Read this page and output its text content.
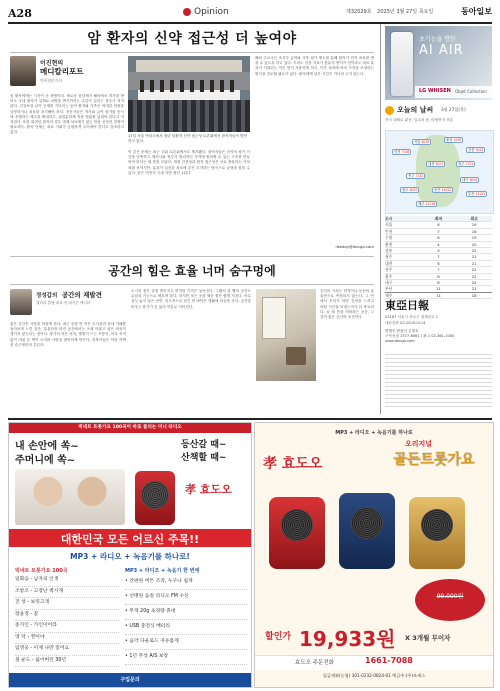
A28	Opinion	제32029호 2025년 3월 27일 목요일	동아일보
암 환자의 신약 접근성 더 높여야
이진현의
메디칼리포트
의학전문기자
암 환자에게는 시간이 곧 생명이다. 새로운 항암제가 해외에서 허가를 받아도 국내 환자가 실제로 처방을 받기까지는 수년이 걸리는 경우가 적지 않다. 건강보험 급여 등재를 기다리는 동안 환자와 가족은 막대한 비용을 감당하거나 치료를 포기해야 한다. 전문가들은 허가와 급여 평가를 동시에 진행하는 제도를 확대하고, 위험분담제 적용 범위를 넓혀야 한다고 지적한다. 또한 희귀암 환자의 경우 대체 치료제가 없는 만큼 신속한 결정이 필요하다. 환자 단체는 치료 기회가 공평하게 주어져야 한다고 강조하고 있다.
17일 서울 여의도에서 열린 암환자 신약 접근성 토론회에서 참석자들이 발언하고 있다.
이 같은 문제는 최근 국회 토론회에서도 제기됐다. 참석자들은 신약의 평가 기간을 단축하고 제약사와 정부가 합리적인 가격에 합의할 수 있는 구조를 만들어야 한다는 데 뜻을 모았다. 재정 건전성과 환자 접근성은 서로 충돌하는 가치처럼 보이지만, 효과가 입증된 치료에 우선 투자하는 방식으로 균형을 찾을 수 있다. 암은 여전히 국내 사망 원인 1위다.
해외 주요국은 조건부 급여와 사후 평가 제도를 통해 환자가 먼저 치료를 받을 수 있도록 하고 있다. 우리도 임상 자료가 충분히 쌓이기 전이라도 치료 효과가 기대되는 약은 먼저 사용하게 하고, 이후 성과에 따라 가격을 조정하는 방식을 검토할 필요가 있다. 환자에게 남은 시간은 기다려 주지 않는다.
likeday@donga.com
공간의 힘은 효율 너머 숨구멍에
정성갑의 공간의 재발견
갤러리 클립 대표·전 매거진 에디터
좋은 공간은 사람을 머물게 한다. 최근 문을 연 작은 도서관과 동네 카페를 돌아보며 느낀 것은, 효율만을 따진 공간에서는 오래 머물고 싶은 마음이 생기지 않는다는 점이다. 창가의 작은 의자, 햇빛이 드는 모퉁이, 아무 목적 없이 비워 둔 벽이 오히려 사람을 편안하게 만든다. 건축가들은 이런 여백을 숨구멍이라 부른다.
도시의 집은 점점 좁아지고 면적당 가격은 높아진다. 그래서 한 뼘의 공간도 수납과 기능으로 채우려 한다. 하지만 모든 곳을 채운 집은 쉽게 지친다. 아무것도 놓지 않은 선반, 의도적으로 남긴 빈 바닥은 생활에 리듬을 준다. 공간을 비우는 용기가 곧 삶의 여유로 이어진다.
공간의 가치는 면적이나 동선의 효율만으로 측정되지 않는다. 그 안에서 우리가 어떤 감정을 느끼고 어떤 시간을 보내는지가 더 중요하다. 숨 쉴 틈을 허락하는 공간, 그것이 좋은 공간의 조건이다.
초기능을 향한
AI AIR
LG WHISEN Objet Collection
오늘의 날씨 3월 27일(목)
전국 대체로 맑음, 일교차 큼, 미세먼지 보통
서울 8/19
인천 7/16
춘천 4/20
강릉 9/22
대전 6/21	청주 7/21
전주 7/22
광주 8/22
대구 8/24
부산 11/21
울산 10/22
제주 11/18
도시	최저	최고
서울	8	19
인천	7	16
수원	6	19
춘천	4	20
강릉	9	22
청주	7	21
대전	6	21
전주	7	22
광주	8	22
대구	8	24
부산	11	21
제주	11	18
東亞日報
03187 서울시 종로구 청계천로 1
대표전화 02-2020-0114
발행인·편집인 김재호
구독신청 1577-6061 / 광고 02-361-1000
www.donga.com
빅네트 트롯가요 100곡이 바로 들리는 미니 라디오
내 손안에 쏙~
주머니에 쏙~
등산갈 때~
산책할 때~
孝 효도오
대한민국 모든 어르신 주목!!
MP3 + 라디오 + 녹음기를 하나로!
빅네트 트롯가요 100곡
일화음 - 남자의 인생
조항조 - 고장난 벽시계
진 성 - 보릿고개
장윤정 - 꽃
송가인 - 가인이어라
영 탁 - 찐이야
임영웅 - 이제 나만 믿어요
설 운도 - 잃어버린 30년
MP3 + 라디오 + 녹음기 한 번에
• 간편한 버튼 조작, 누구나 쉽게
• 선명한 음질 라디오 FM 수신
• 무게 20g 초경량 휴대
• USB 충전식 배터리
• 음악 다운로드 자유롭게
• 1년 무상 A/S 보장
구입문의
MP3 + 라디오 + 녹음기를 하나로
오리지널
골든트롯가요
孝 효도오
99,000원
할인가 19,933원 X 3개월 무이자
효도오 주문전화	1661-7088
입금계좌(농협) 301-0232-0824-01 예금주:(주)쏘세스
